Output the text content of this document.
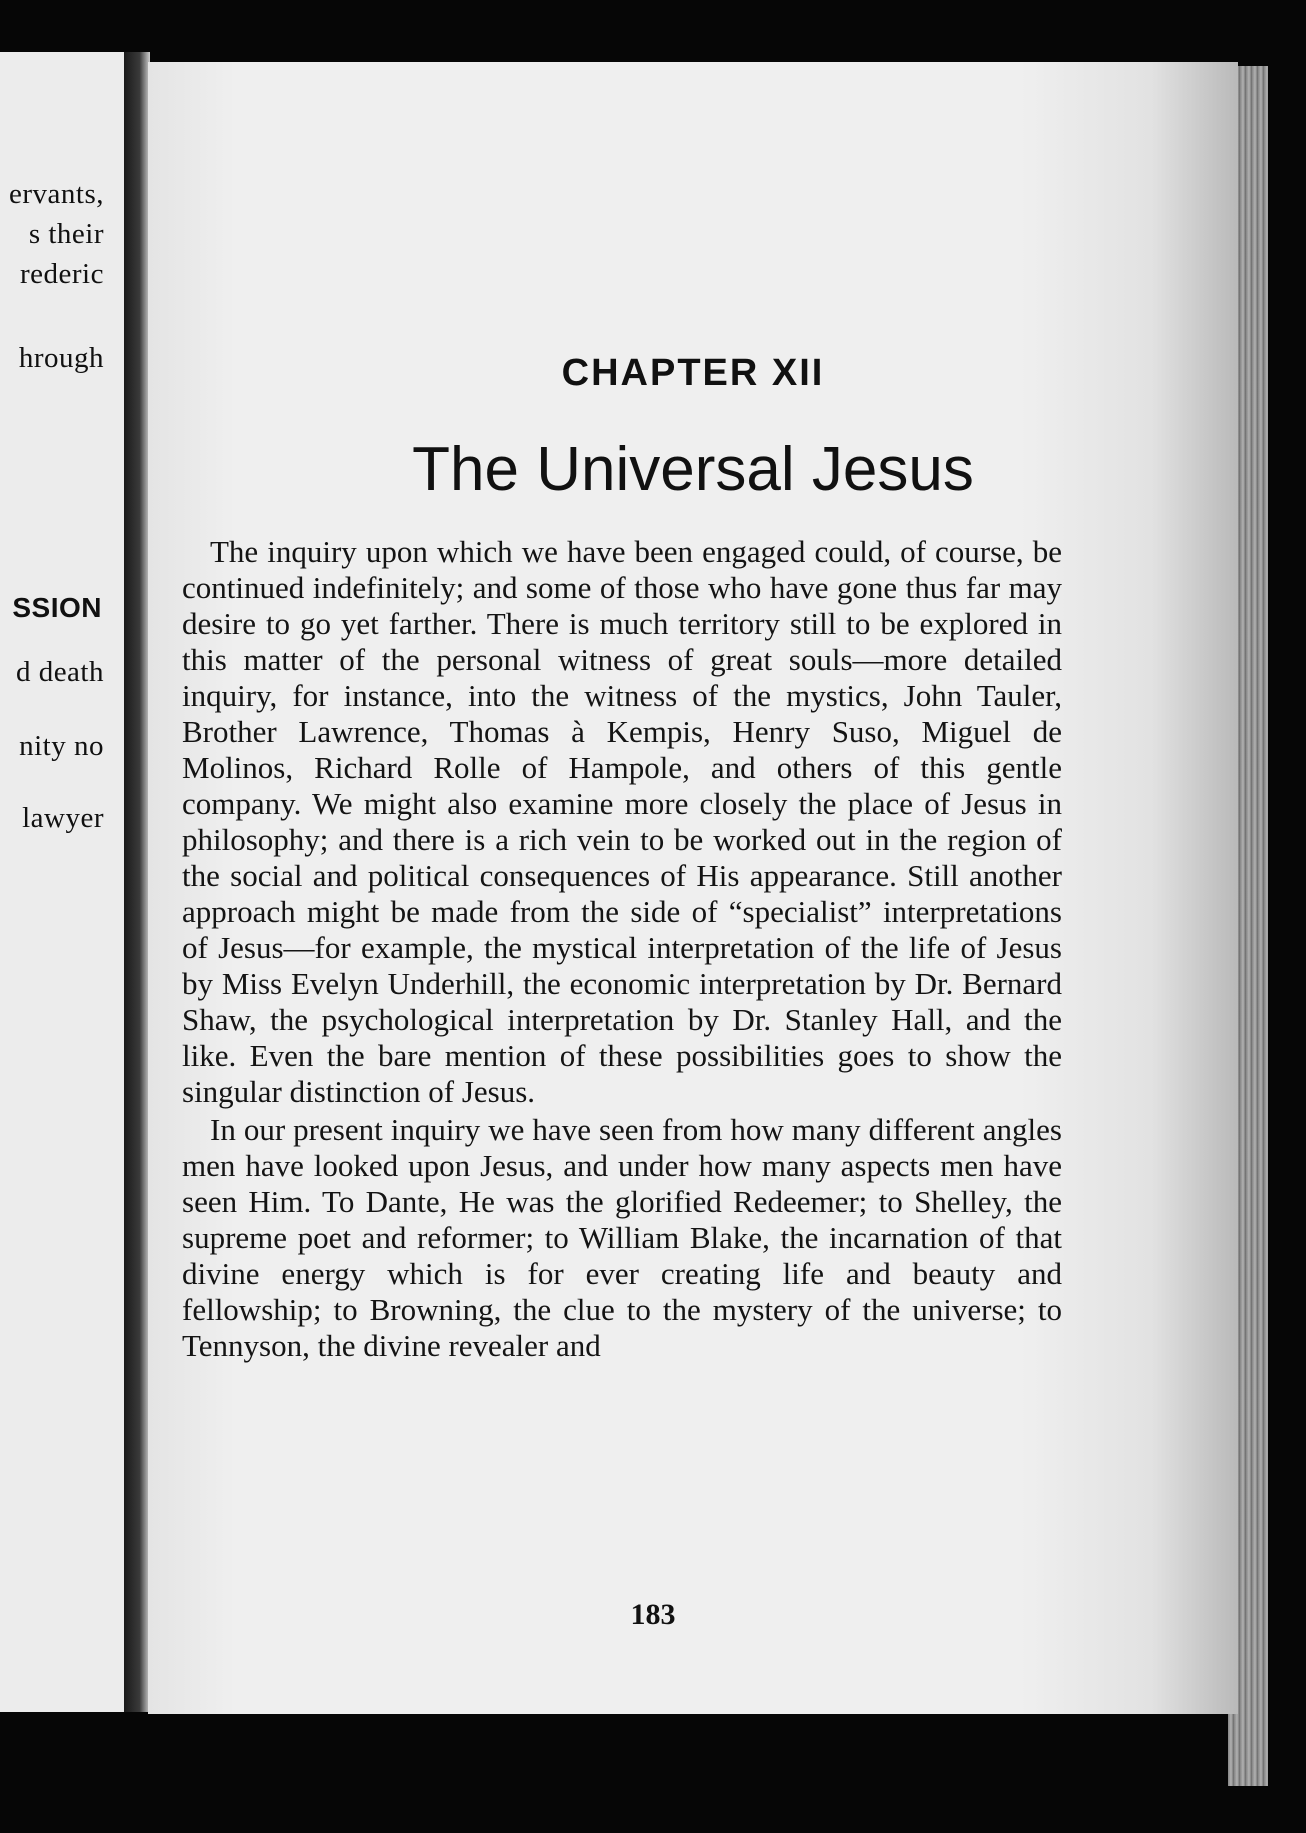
ervants,
s their
rederic
hrough
SSION
d death
nity no
lawyer
CHAPTER XII
The Universal Jesus

The inquiry upon which we have been engaged could, of course, be continued indefinitely; and some of those who have gone thus far may desire to go yet farther. There is much territory still to be explored in this matter of the personal witness of great souls—more detailed inquiry, for instance, into the witness of the mystics, John Tauler, Brother Lawrence, Thomas à Kempis, Henry Suso, Miguel de Molinos, Richard Rolle of Hampole, and others of this gentle company. We might also examine more closely the place of Jesus in philosophy; and there is a rich vein to be worked out in the region of the social and political consequences of His appearance. Still another approach might be made from the side of “specialist” interpretations of Jesus—for example, the mystical interpretation of the life of Jesus by Miss Evelyn Underhill, the economic interpretation by Dr. Bernard Shaw, the psychological interpretation by Dr. Stanley Hall, and the like. Even the bare mention of these possibilities goes to show the singular distinction of Jesus.

In our present inquiry we have seen from how many different angles men have looked upon Jesus, and under how many aspects men have seen Him. To Dante, He was the glorified Redeemer; to Shelley, the supreme poet and reformer; to William Blake, the incarnation of that divine energy which is for ever creating life and beauty and fellowship; to Browning, the clue to the mystery of the universe; to Tennyson, the divine revealer and

183
